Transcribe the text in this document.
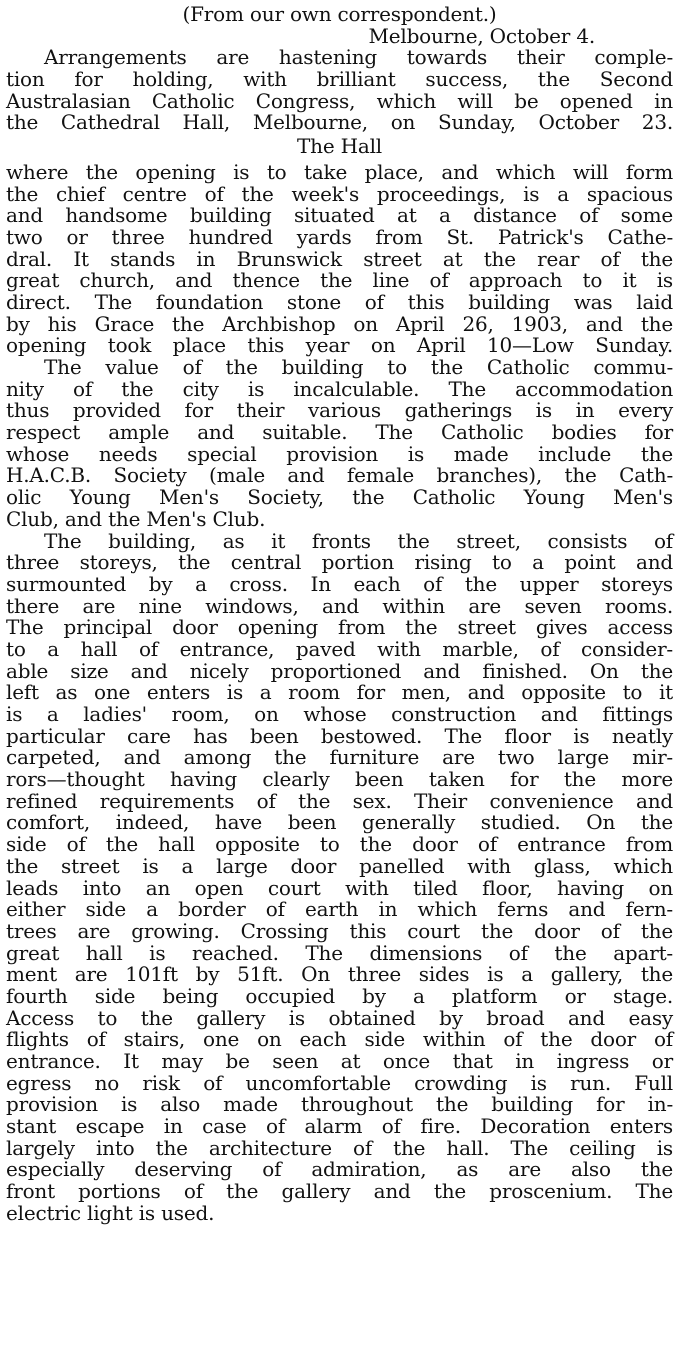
(From our own correspondent.)
Melbourne, October 4.
Arrangements are hastening towards their comple-
tion for holding, with brilliant success, the Second
Australasian Catholic Congress, which will be opened in
the Cathedral Hall, Melbourne, on Sunday, October 23.
The Hall
where the opening is to take place, and which will form
the chief centre of the week's proceedings, is a spacious
and handsome building situated at a distance of some
two or three hundred yards from St. Patrick's Cathe-
dral. It stands in Brunswick street at the rear of the
great church, and thence the line of approach to it is
direct. The foundation stone of this building was laid
by his Grace the Archbishop on April 26, 1903, and the
opening took place this year on April 10—Low Sunday.
The value of the building to the Catholic commu-
nity of the city is incalculable. The accommodation
thus provided for their various gatherings is in every
respect ample and suitable. The Catholic bodies for
whose needs special provision is made include the
H.A.C.B. Society (male and female branches), the Cath-
olic Young Men's Society, the Catholic Young Men's
Club, and the Men's Club.
The building, as it fronts the street, consists of
three storeys, the central portion rising to a point and
surmounted by a cross. In each of the upper storeys
there are nine windows, and within are seven rooms.
The principal door opening from the street gives access
to a hall of entrance, paved with marble, of consider-
able size and nicely proportioned and finished. On the
left as one enters is a room for men, and opposite to it
is a ladies' room, on whose construction and fittings
particular care has been bestowed. The floor is neatly
carpeted, and among the furniture are two large mir-
rors—thought having clearly been taken for the more
refined requirements of the sex. Their convenience and
comfort, indeed, have been generally studied. On the
side of the hall opposite to the door of entrance from
the street is a large door panelled with glass, which
leads into an open court with tiled floor, having on
either side a border of earth in which ferns and fern-
trees are growing. Crossing this court the door of the
great hall is reached. The dimensions of the apart-
ment are 101ft by 51ft. On three sides is a gallery, the
fourth side being occupied by a platform or stage.
Access to the gallery is obtained by broad and easy
flights of stairs, one on each side within of the door of
entrance. It may be seen at once that in ingress or
egress no risk of uncomfortable crowding is run. Full
provision is also made throughout the building for in-
stant escape in case of alarm of fire. Decoration enters
largely into the architecture of the hall. The ceiling is
especially deserving of admiration, as are also the
front portions of the gallery and the proscenium. The
electric light is used.
